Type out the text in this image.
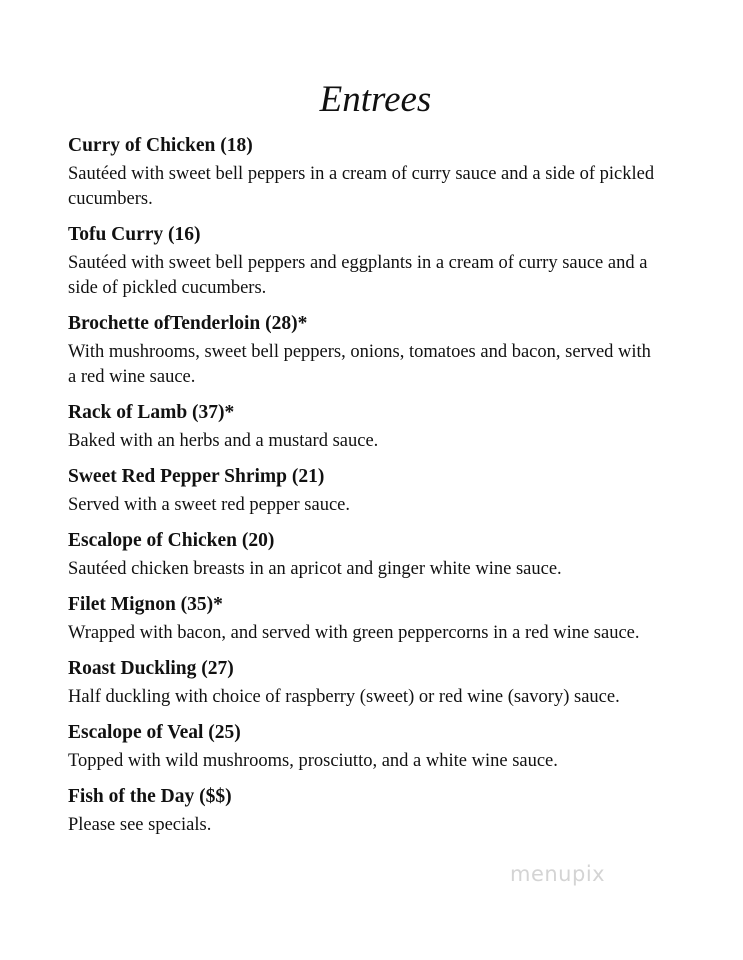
Entrees
Curry of Chicken (18)
Sautéed with sweet bell peppers in a cream of curry sauce and a side of pickled cucumbers.
Tofu Curry (16)
Sautéed with sweet bell peppers and eggplants in a cream of curry sauce and a side of pickled cucumbers.
Brochette ofTenderloin (28)*
With mushrooms, sweet bell peppers, onions, tomatoes and bacon, served with a red wine sauce.
Rack of Lamb (37)*
Baked with an herbs and a mustard sauce.
Sweet Red Pepper Shrimp (21)
Served with a sweet red pepper sauce.
Escalope of Chicken (20)
Sautéed chicken breasts in an apricot and ginger white wine sauce.
Filet Mignon (35)*
Wrapped with bacon, and served with green peppercorns in a red wine sauce.
Roast Duckling (27)
Half duckling with choice of raspberry (sweet) or red wine (savory) sauce.
Escalope of Veal (25)
Topped with wild mushrooms, prosciutto, and a white wine sauce.
Fish of the Day ($$)
Please see specials.
menupix
